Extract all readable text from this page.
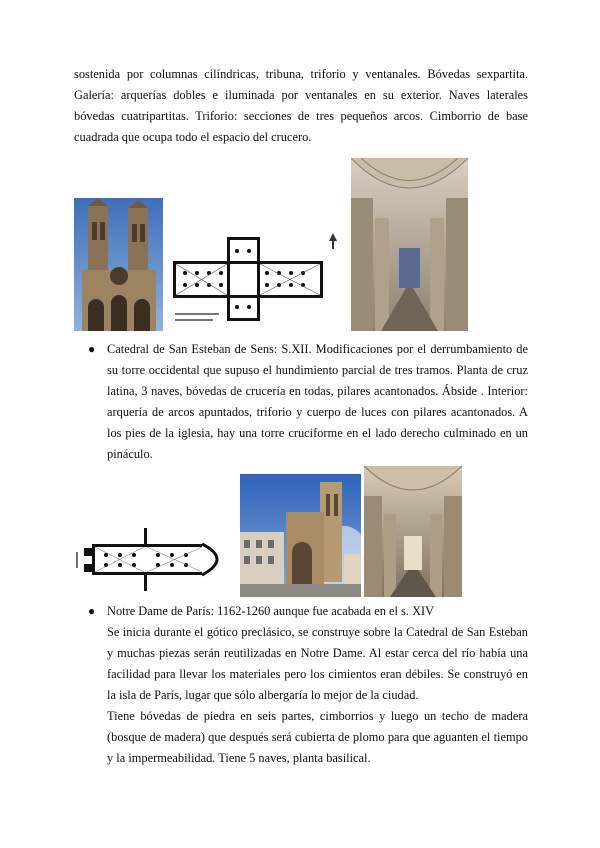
sostenida por columnas cilíndricas, tribuna, triforio y ventanales. Bóvedas sexpartita. Galería: arquerías dobles e iluminada por ventanales en su exterior. Naves laterales bóvedas cuatripartitas. Triforio: secciones de tres pequeños arcos. Cimborrio de base cuadrada que ocupa todo el espacio del crucero.
● Catedral de San Esteban de Sens: S.XII. Modificaciones por el derrumbamiento de su torre occidental que supuso el hundimiento parcial de tres tramos. Planta de cruz latina, 3 naves, bóvedas de crucería en todas, pilares acantonados. Ábside . Interior: arquería de arcos apuntados, triforio y cuerpo de luces con pilares acantonados. A los pies de la iglesia, hay una torre cruciforme en el lado derecho culminado en un pináculo.
● Notre Dame de París: 1162-1260 aunque fue acabada en el s. XIV
Se inicia durante el gótico preclásico, se construye sobre la Catedral de San Esteban y muchas piezas serán reutilizadas en Notre Dame. Al estar cerca del río había una facilidad para llevar los materiales pero los cimientos eran débiles. Se construyó en la isla de París, lugar que sólo albergaría lo mejor de la ciudad.
Tiene bóvedas de piedra en seis partes, cimborrios y luego un techo de madera (bosque de madera) que después será cubierta de plomo para que aguanten el tiempo y la impermeabilidad. Tiene 5 naves, planta basilical.
